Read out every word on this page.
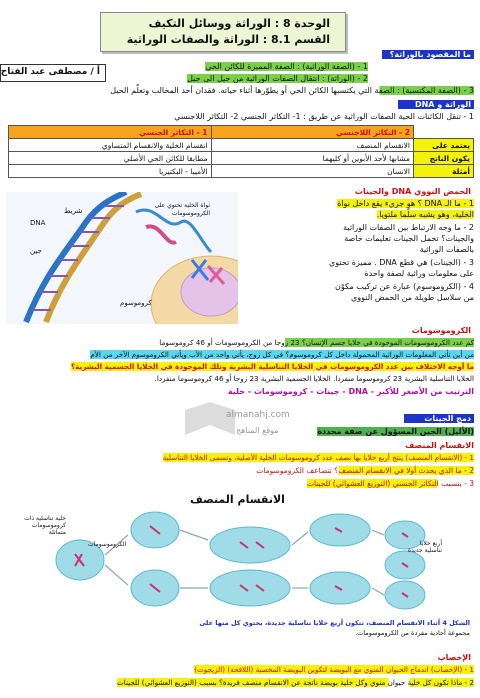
الوحدة 8 : الوراثة ووسائل التكيف
القسم 8.1 : الوراثة والصفات الوراثية
أ / مصطفى عبد الفتاح
ما المقصود بالوراثة؟
1 - (الصفة الوراثية) : الصفة المميزة للكائن الحي
2 - (الوراثة) : انتقال الصفات الوراثية من جيل الى جيل
3 - (الصفة المكتسبة) : الصفة التي يكتسبها الكائن الحي أو يطوّرها أثناء حياته. فقدان أحد المخالب وتعلّم الحيل
الوراثة و DNA
1 - تنقل الكائنات الحية الصفات الوراثية عن طريق : 1- التكاثر الجنسي 2- التكاثر اللاجنسي
1 - التكاثر الجنسي	2 - التكاثر اللاجنسي	
انقسام الخلية والانقسام المتساوي	الانقسام المنصف	يعتمد على
مطابقا للكائن الحي الأصلي	مشابها لأحد الأبوين أو كليهما	يكون الناتج
الأميبا - البكتيريا	الانسان	أمثلة
DNA
شريط
جين
نواة الخلية تحتوي على الكروموسومات
كروموسوم
الحمض النووي DNA والجينات
1 - ما الـ DNA ؟ هو جزيء يقع داخل نواة
الخلية، وهو يشبه سلّما ملتويا.
2 - ما وجه الارتباط بين الصفات الوراثية
والجينات؟ تحمل الجينات تعليمات خاصة
بالصفات الوراثية
3 - (الجينات) هي قطع DNA . مميزة تحتوي
على معلومات وراثية لصفة واحدة
4 - (الكروموسوم) عبارة عن تركيب مكوّن
من سلاسل طويلة من الحمض النووي
الكروموسومات
كم عدد الكروموسومات الموجودة في خلايا جسم الإنسان؟ 23 زوجا من الكروموسومات أو 46 كروموسوما
من أين تأتي المعلومات الوراثية المحمولة داخل كل كروموسوم؟ في كل زوج، يأتي واحد من الأب ويأتي الكروموسوم الآخر من الأم
ما أوجه الاختلاف بين عدد الكروموسومات في الخلايا التناسلية البشرية وتلك الموجودة في الخلايا الجسمية البشرية؟
الخلايا التناسلية البشرية 23 كروموسوما منفردا. الخلايا الجسمية البشرية 23 زوجا أو 46 كروموسوما منفردا.
الترتيب من الأصغر للأكبر - DNA - جينات - كروموسومات - خلية
almanahj.com
موقع المناهج
دمج الجينات
(الأليل) الجين المسؤول عن صفة محددة
الانقسام المنصف
1 - (الانقسام المنصف) ينتج أربع خلايا بها نصف عدد كروموسومات الخلية الأصلية، وتسمى الخلايا التناسلية
2 - ما الذي يحدث أولا في الانقسام المنصف؟ تتضاعف الكروموسومات
3 - يتسبب التكاثر الجنسي (التوزيع العشوائي) للجينات
الانقسام المنصف
خلية تناسلية ذات كروموسومات متماثلة
الكروموسومات	أربع خلايا تناسلية جديدة
الشكل 4 أثناء الانقسام المنصف، تتكون أربع خلايا تناسلية جديدة، يحتوي كل منها على
مجموعة أحادية مفردة من الكروموسومات.
الإخصاب
1 - (الإخصاب) اندماج الحيوان المنوي مع البويضة لتكوين البويضة المخصبة (اللاقحة) (الزيجوت)
2 - ماذا تكون كل خلية حيوان منوي وكل خلية بويضة ناتجة عن الانقسام منصف فريدة؟ بسبب (التوزيع العشوائي) للجينات
